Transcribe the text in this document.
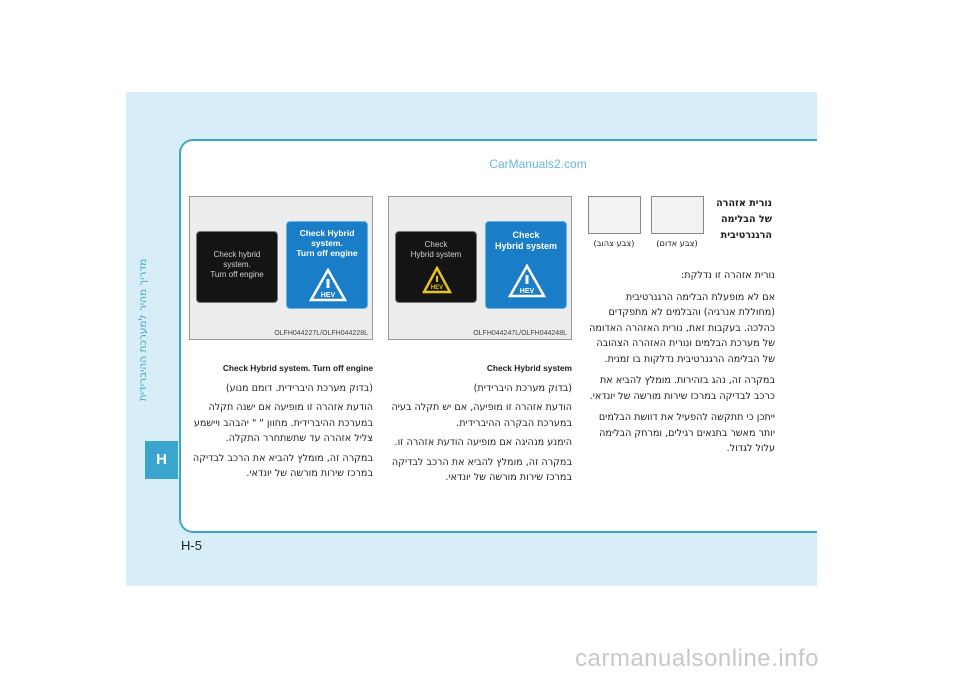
מדריך מהיר למערכת ההיברידית
H
CarManuals2.com
נורית אזהרה
של הבלימה
הרגנרטיבית
(צבע אדום)
(צבע צהוב)

נורית אזהרה זו נדלקת:

אם לא מופעלת הבלימה הרגנרטיבית (מחוללת אנרגיה) והבלמים לא מתפקדים כהלכה. בעקבות זאת, נורית האזהרה האדומה של מערכת הבלמים ונורית האזהרה הצהובה של הבלימה הרגנרטיבית נדלקות בו זמנית.

במקרה זה, נהג בזהירות. מומלץ להביא את כרכב לבדיקה במרכז שירות מורשה של יונדאי.

ייתכן כי תתקשה להפעיל את דוושת הבלמים יותר מאשר בתנאים רגילים, ומרחק הבלימה עלול לגדול.

Check
Hybrid system
HEV
Check
Hybrid system
HEV
OLFH044247L/OLFH044248L
Check hybrid
system.
Turn off engine
Check Hybrid
system.
Turn off engine
HEV
OLFH044227L/OLFH044228L

Check Hybrid system

(בדוק מערכת היברידית)

הודעת אזהרה זו מופיעה, אם יש תקלה בעיה במערכת הבקרה ההיברידית.

הימנע מנהיגה אם מופיעה הודעת אזהרה זו.

במקרה זה, מומלץ להביא את הרכב לבדיקה במרכז שירות מורשה של יונדאי.

Check Hybrid system. Turn off engine

(בדוק מערכת היברידית. דומם מנוע)

הודעת אזהרה זו מופיעה אם ישנה תקלה במערכת ההיברידית. מחוון " " יהבהב ויישמע צליל אזהרה עד שתשתחרר התקלה.

במקרה זה, מומלץ להביא את הרכב לבדיקה במרכז שירות מורשה של יונדאי.

H-5
carmanualsonline.info
